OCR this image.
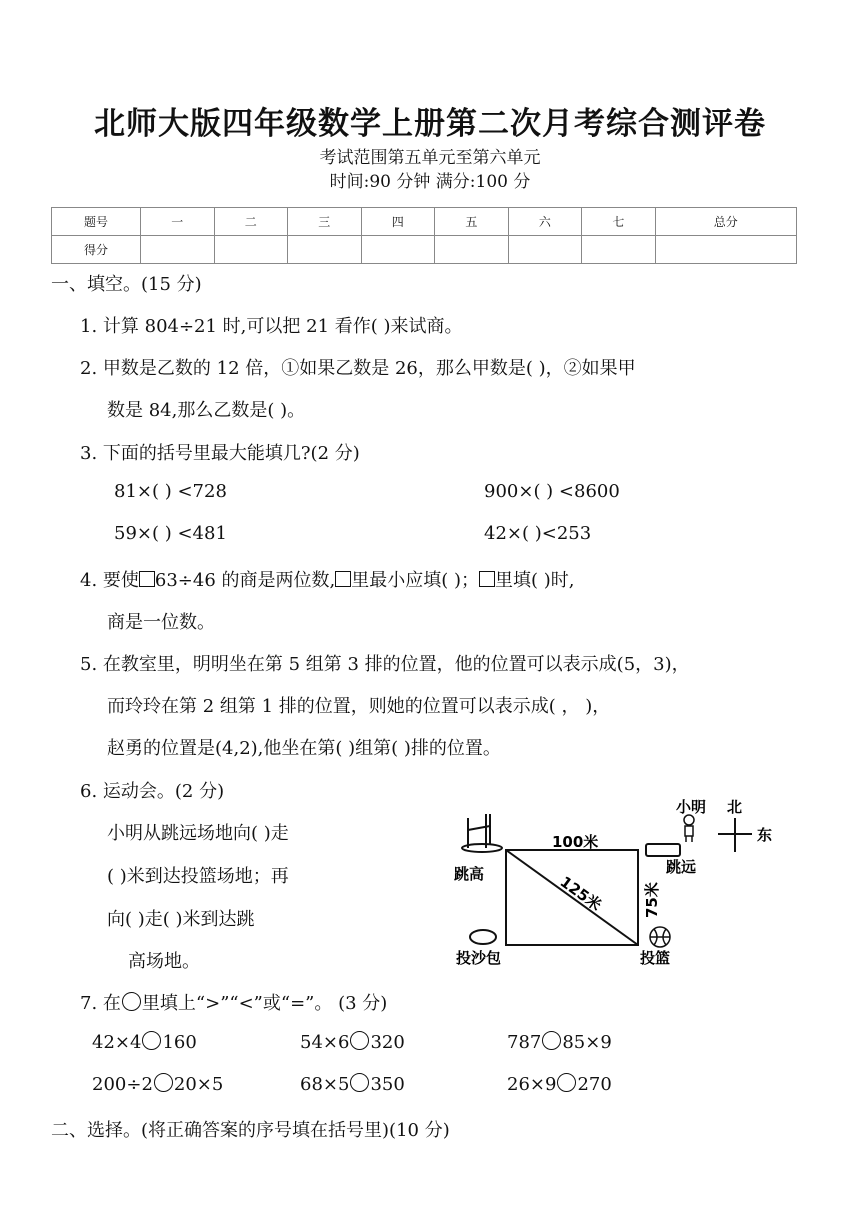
北师大版四年级数学上册第二次月考综合测评卷
考试范围第五单元至第六单元
时间:90 分钟 满分:100 分
题号	一	二	三	四	五	六	七	总分
得分								
一、填空。(15 分)
1. 计算 804÷21 时,可以把 21 看作( )来试商。
2. 甲数是乙数的 12 倍，①如果乙数是 26，那么甲数是( )，②如果甲
数是 84,那么乙数是( )。
3. 下面的括号里最大能填几?(2 分)
81×( ) <728	900×( ) <8600
59×( ) <481	42×( )<253
4. 要使 63÷46 的商是两位数, 里最小应填( )； 里填( )时,
商是一位数。
5. 在教室里，明明坐在第 5 组第 3 排的位置，他的位置可以表示成(5，3)，
而玲玲在第 2 组第 1 排的位置，则她的位置可以表示成( ， )，
赵勇的位置是(4,2),他坐在第( )组第( )排的位置。
6. 运动会。(2 分)
小明从跳远场地向( )走
( )米到达投篮场地；再
向( )走( )米到达跳
高场地。
小明 北
东
100米
125米	75米
跳高	跳远
投沙包	投篮
7. 在 里填上“>”“<”或“=”。 (3 分)
42×4 160	54×6 320	787 85×9
200÷2 20×5	68×5 350	26×9 270
二、选择。(将正确答案的序号填在括号里)(10 分)
